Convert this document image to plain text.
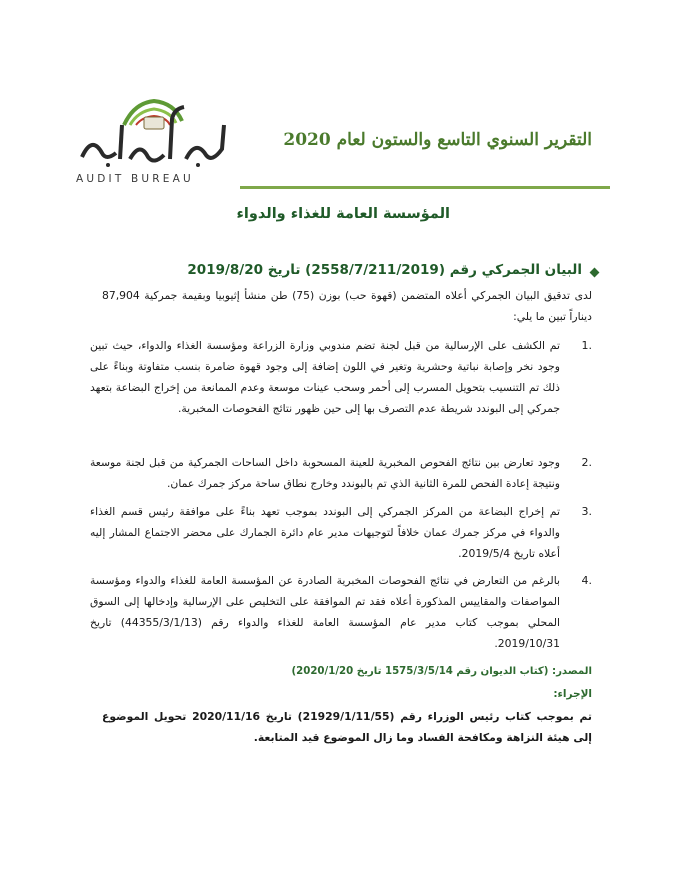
AUDIT BUREAU
التقرير السنوي التاسع والستون لعام 2020
المؤسسة العامة للغذاء والدواء
البيان الجمركي رقم (2558/7/211/2019) تاريخ 2019/8/20
لدى تدقيق البيان الجمركي أعلاه المتضمن (قهوة حب) بوزن (75) طن منشأ إثيوبيا وبقيمة جمركية 87,904 ديناراً تبين ما يلي:
.1
تم الكشف على الإرسالية من قبل لجنة تضم مندوبي وزارة الزراعة ومؤسسة الغذاء والدواء، حيث تبين وجود نخر وإصابة نباتية وحشرية وتغير في اللون إضافة إلى وجود قهوة ضامرة بنسب متفاوتة وبناءً على ذلك تم التنسيب بتحويل المسرب إلى أحمر وسحب عينات موسعة وعدم الممانعة من إخراج البضاعة بتعهد جمركي إلى البوندد شريطة عدم التصرف بها إلى حين ظهور نتائج الفحوصات المخبرية.
.2
وجود تعارض بين نتائج الفحوص المخبرية للعينة المسحوبة داخل الساحات الجمركية من قبل لجنة موسعة ونتيجة إعادة الفحص للمرة الثانية الذي تم بالبوندد وخارج نطاق ساحة مركز جمرك عمان.
.3
تم إخراج البضاعة من المركز الجمركي إلى البوندد بموجب تعهد بناءً على موافقة رئيس قسم الغذاء والدواء في مركز جمرك عمان خلافاً لتوجيهات مدير عام دائرة الجمارك على محضر الاجتماع المشار إليه أعلاه تاريخ 2019/5/4.
.4
بالرغم من التعارض في نتائج الفحوصات المخبرية الصادرة عن المؤسسة العامة للغذاء والدواء ومؤسسة المواصفات والمقاييس المذكورة أعلاه فقد تم الموافقة على التخليص على الإرسالية وإدخالها إلى السوق المحلي بموجب كتاب مدير عام المؤسسة العامة للغذاء والدواء رقم (44355/3/1/13) تاريخ 2019/10/31.
المصدر: (كتاب الديوان رقم 1575/3/5/14 تاريخ 2020/1/20)
الإجراء:
تم بموجب كتاب رئيس الوزراء رقم (21929/1/11/55) تاريخ 2020/11/16 تحويل الموضوع إلى هيئة النزاهة ومكافحة الفساد وما زال الموضوع قيد المتابعة.
